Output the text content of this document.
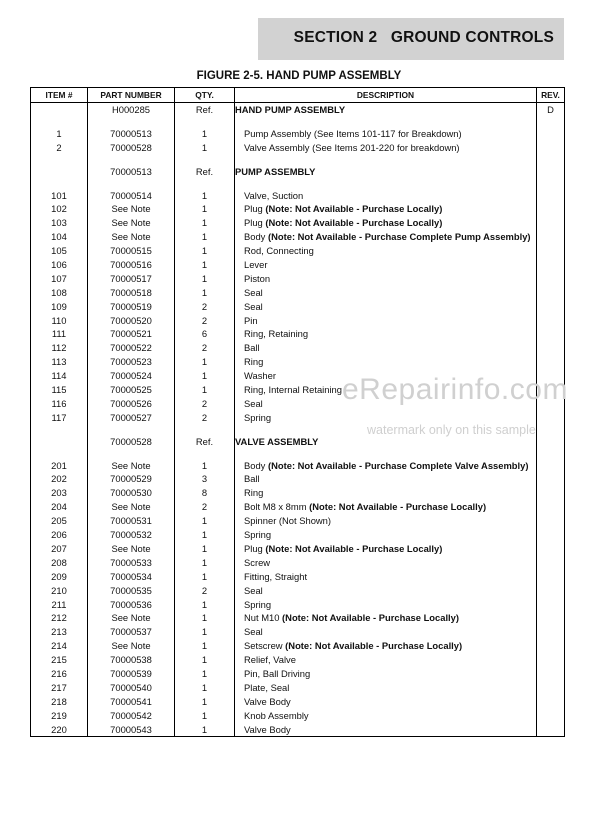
SECTION 2 GROUND CONTROLS
FIGURE 2-5. HAND PUMP ASSEMBLY
ITEM #	PART NUMBER	QTY.	DESCRIPTION	REV.
	H000285	Ref.	HAND PUMP ASSEMBLY	D

1	70000513	1	Pump Assembly (See Items 101-117 for Breakdown)	

2	70000528	1	Valve Assembly (See Items 201-220 for breakdown)	

	70000513	Ref.	PUMP ASSEMBLY	

101	70000514	1	Valve, Suction	

102	See Note	1	Plug (Note: Not Available - Purchase Locally)	

103	See Note	1	Plug (Note: Not Available - Purchase Locally)	

104	See Note	1	Body (Note: Not Available - Purchase Complete Pump Assembly)	

105	70000515	1	Rod, Connecting	

106	70000516	1	Lever	

107	70000517	1	Piston	

108	70000518	1	Seal	

109	70000519	2	Seal	

110	70000520	2	Pin	

111	70000521	6	Ring, Retaining	

112	70000522	2	Ball	

113	70000523	1	Ring	

114	70000524	1	Washer	

115	70000525	1	Ring, Internal Retaining	

116	70000526	2	Seal	

117	70000527	2	Spring	

	70000528	Ref.	VALVE ASSEMBLY	

201	See Note	1	Body (Note: Not Available - Purchase Complete Valve Assembly)	

202	70000529	3	Ball	

203	70000530	8	Ring	

204	See Note	2	Bolt M8 x 8mm (Note: Not Available - Purchase Locally)	

205	70000531	1	Spinner (Not Shown)	

206	70000532	1	Spring	

207	See Note	1	Plug (Note: Not Available - Purchase Locally)	

208	70000533	1	Screw	

209	70000534	1	Fitting, Straight	

210	70000535	2	Seal	

211	70000536	1	Spring	

212	See Note	1	Nut M10 (Note: Not Available - Purchase Locally)	

213	70000537	1	Seal	

214	See Note	1	Setscrew (Note: Not Available - Purchase Locally)	

215	70000538	1	Relief, Valve	

216	70000539	1	Pin, Ball Driving	

217	70000540	1	Plate, Seal	

218	70000541	1	Valve Body	

219	70000542	1	Knob Assembly	

220	70000543	1	Valve Body	

eRepairinfo.com
watermark only on this sample
